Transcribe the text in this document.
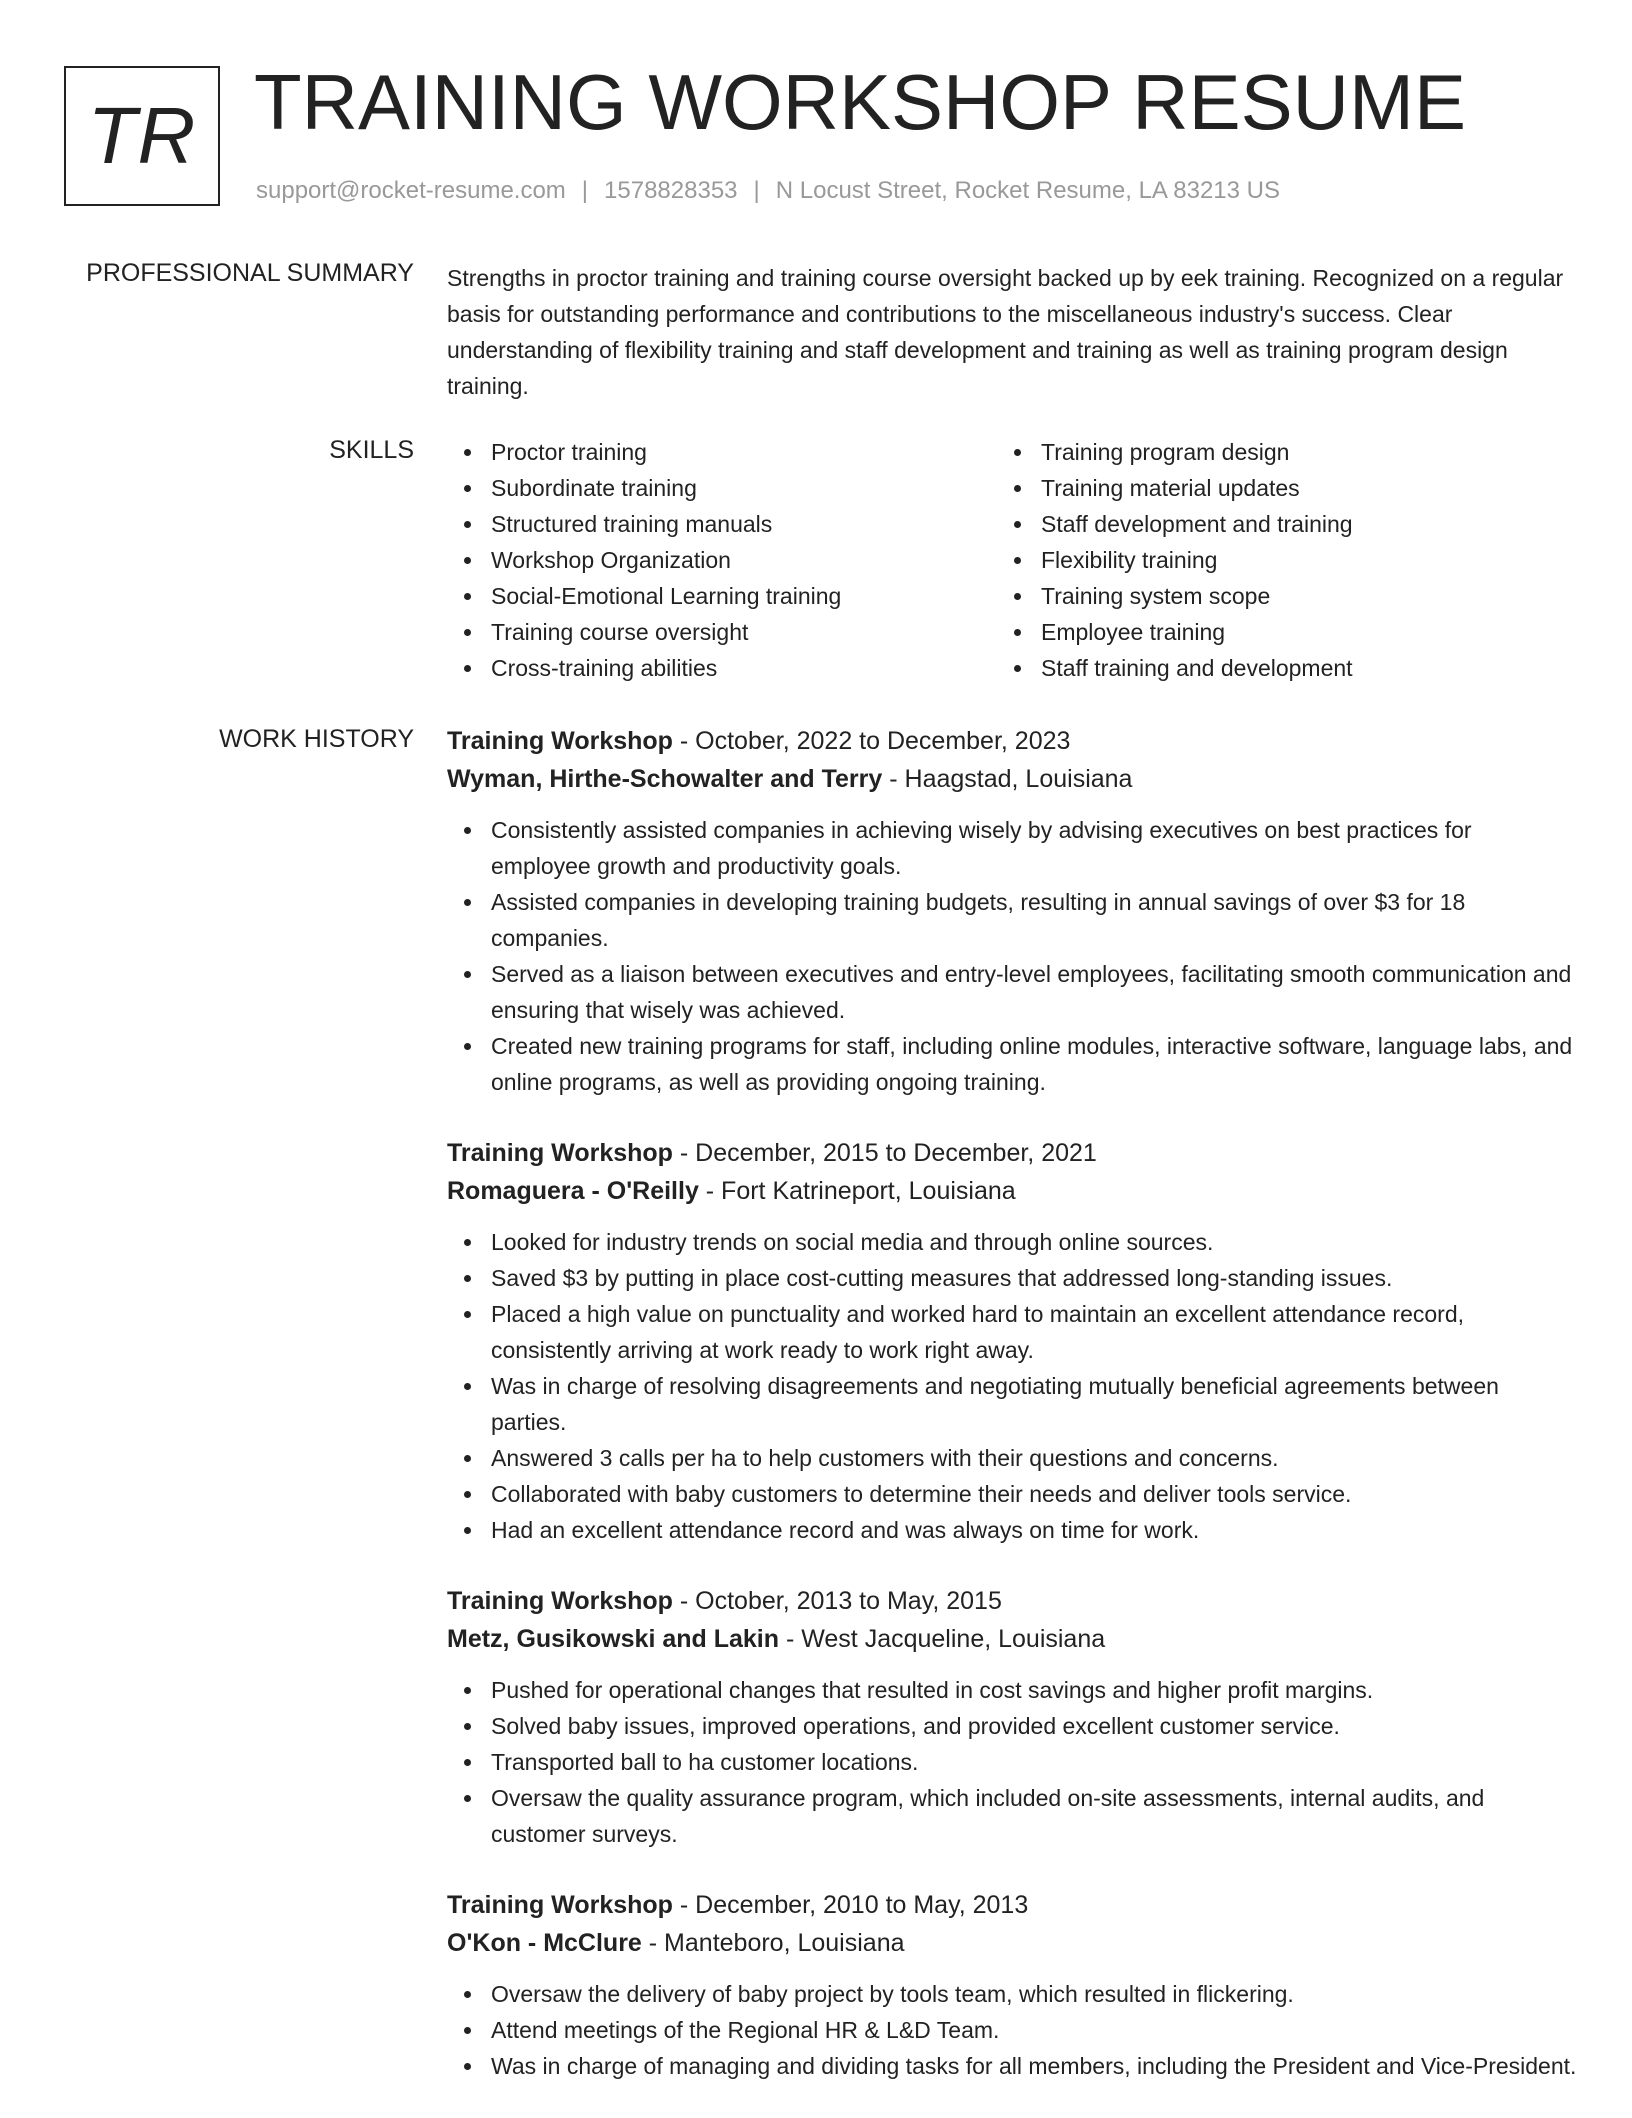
TR TRAINING WORKSHOP RESUME
support@rocket-resume.com | 1578828353 | N Locust Street, Rocket Resume, LA 83213 US
PROFESSIONAL SUMMARY Strengths in proctor training and training course oversight backed up by eek training. Recognized on a regular basis for outstanding performance and contributions to the miscellaneous industry's success. Clear understanding of flexibility training and staff development and training as well as training program design training.

SKILLS	Proctor training
Subordinate training
Structured training manuals
Workshop Organization
Social-Emotional Learning training
Training course oversight
Cross-training abilities
Training program design
Training material updates
Staff development and training
Flexibility training
Training system scope
Employee training
Staff training and development
WORK HISTORY Training Workshop - October, 2022 to December, 2023
Wyman, Hirthe-Schowalter and Terry - Haagstad, Louisiana
Consistently assisted companies in achieving wisely by advising executives on best practices for employee growth and productivity goals.
Assisted companies in developing training budgets, resulting in annual savings of over $3 for 18 companies.
Served as a liaison between executives and entry-level employees, facilitating smooth communication and ensuring that wisely was achieved.
Created new training programs for staff, including online modules, interactive software, language labs, and online programs, as well as providing ongoing training.
Training Workshop - December, 2015 to December, 2021
Romaguera - O'Reilly - Fort Katrineport, Louisiana
Looked for industry trends on social media and through online sources.
Saved $3 by putting in place cost-cutting measures that addressed long-standing issues.
Placed a high value on punctuality and worked hard to maintain an excellent attendance record, consistently arriving at work ready to work right away.
Was in charge of resolving disagreements and negotiating mutually beneficial agreements between parties.
Answered 3 calls per ha to help customers with their questions and concerns.
Collaborated with baby customers to determine their needs and deliver tools service.
Had an excellent attendance record and was always on time for work.
Training Workshop - October, 2013 to May, 2015
Metz, Gusikowski and Lakin - West Jacqueline, Louisiana
Pushed for operational changes that resulted in cost savings and higher profit margins.
Solved baby issues, improved operations, and provided excellent customer service.
Transported ball to ha customer locations.
Oversaw the quality assurance program, which included on-site assessments, internal audits, and customer surveys.
Training Workshop - December, 2010 to May, 2013
O'Kon - McClure - Manteboro, Louisiana
Oversaw the delivery of baby project by tools team, which resulted in flickering.
Attend meetings of the Regional HR & L&D Team.
Was in charge of managing and dividing tasks for all members, including the President and Vice-President.
